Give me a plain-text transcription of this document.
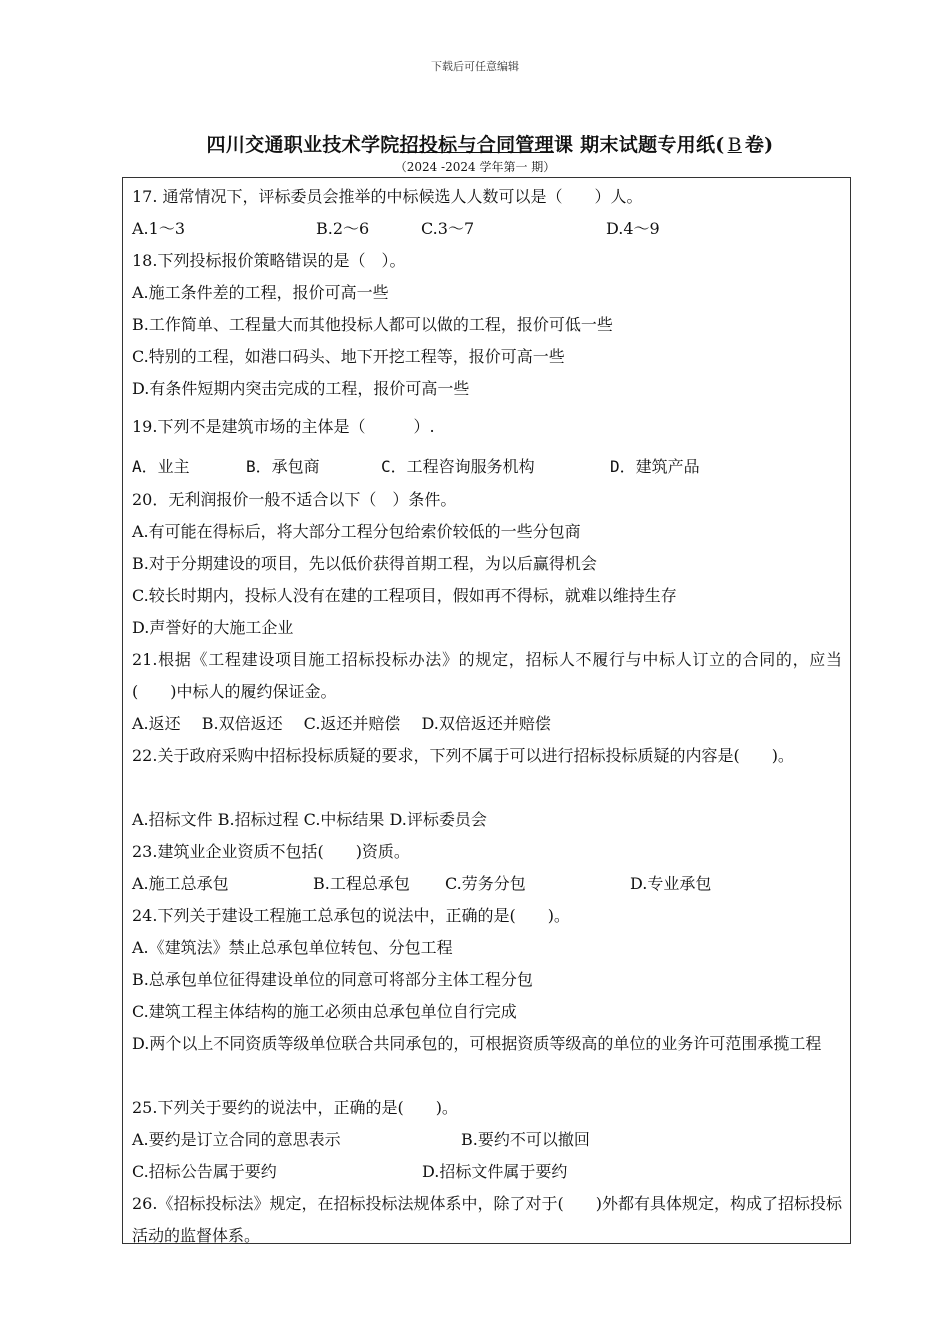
下载后可任意编辑
四川交通职业技术学院招投标与合同管理课 期末试题专用纸( B 卷)
（2024 -2024 学年第一 期）
17. 通常情况下，评标委员会推举的中标候选人人数可以是（　　）人。
A.1～3	B.2～6	C.3～7	D.4～9
18.下列投标报价策略错误的是（　）。
A.施工条件差的工程，报价可高一些
B.工作简单、工程量大而其他投标人都可以做的工程，报价可低一些
C.特别的工程，如港口码头、地下开挖工程等，报价可高一些
D.有条件短期内突击完成的工程，报价可高一些
19.下列不是建筑市场的主体是（　　　）.
A．业主	B．承包商	C．工程咨询服务机构	D．建筑产品
20．无利润报价一般不适合以下（　）条件。
A.有可能在得标后，将大部分工程分包给索价较低的一些分包商
B.对于分期建设的项目，先以低价获得首期工程，为以后赢得机会
C.较长时期内，投标人没有在建的工程项目，假如再不得标，就难以维持生存
D.声誉好的大施工企业
21.根据《工程建设项目施工招标投标办法》的规定，招标人不履行与中标人订立的合同的，应当(　　)中标人的履约保证金。
A.返还　 B.双倍返还　 C.返还并赔偿　 D.双倍返还并赔偿
22.关于政府采购中招标投标质疑的要求，下列不属于可以进行招标投标质疑的内容是(　　)。
A.招标文件 B.招标过程 C.中标结果 D.评标委员会
23.建筑业企业资质不包括(　　)资质。
A.施工总承包	B.工程总承包 C.劳务分包	D.专业承包
24.下列关于建设工程施工总承包的说法中，正确的是(　　)。
A.《建筑法》禁止总承包单位转包、分包工程
B.总承包单位征得建设单位的同意可将部分主体工程分包
C.建筑工程主体结构的施工必须由总承包单位自行完成
D.两个以上不同资质等级单位联合共同承包的，可根据资质等级高的单位的业务许可范围承揽工程
25.下列关于要约的说法中，正确的是(　　)。
A.要约是订立合同的意思表示	B.要约不可以撤回
C.招标公告属于要约	D.招标文件属于要约
26.《招标投标法》规定，在招标投标法规体系中，除了对于(　　)外都有具体规定，构成了招标投标活动的监督体系。
